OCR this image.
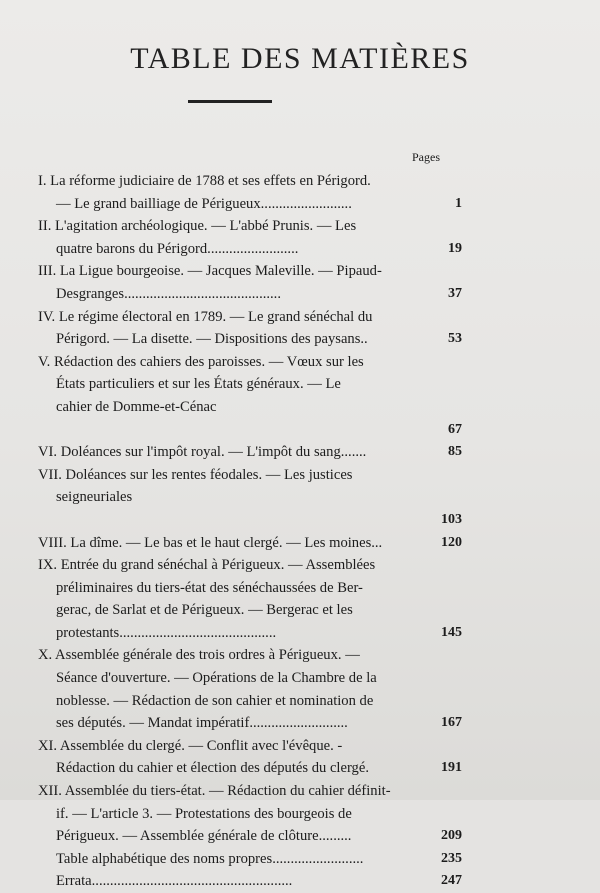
TABLE DES MATIÈRES
Pages
I. La réforme judiciaire de 1788 et ses effets en Périgord.
— Le grand bailliage de Périgueux.........................	1
II. L'agitation archéologique. — L'abbé Prunis. — Les
quatre barons du Périgord.........................	19
III. La Ligue bourgeoise. — Jacques Maleville. — Pipaud-
Desgranges...........................................	37
IV. Le régime électoral en 1789. — Le grand sénéchal du
Périgord. — La disette. — Dispositions des paysans..	53
V. Rédaction des cahiers des paroisses. — Vœux sur les
États particuliers et sur les États généraux. — Le
cahier de Domme-et-Cénac
67
VI. Doléances sur l'impôt royal. — L'impôt du sang.......	85
VII. Doléances sur les rentes féodales. — Les justices
seigneuriales
103
VIII. La dîme. — Le bas et le haut clergé. — Les moines...	120
IX. Entrée du grand sénéchal à Périgueux. — Assemblées
préliminaires du tiers-état des sénéchaussées de Ber-
gerac, de Sarlat et de Périgueux. — Bergerac et les
protestants...........................................	145
X. Assemblée générale des trois ordres à Périgueux. —
Séance d'ouverture. — Opérations de la Chambre de la
noblesse. — Rédaction de son cahier et nomination de
ses députés. — Mandat impératif...........................	167
XI. Assemblée du clergé. — Conflit avec l'évêque. -
Rédaction du cahier et élection des députés du clergé.	191
XII. Assemblée du tiers-état. — Rédaction du cahier définit-
if. — L'article 3. — Protestations des bourgeois de
Périgueux. — Assemblée générale de clôture.........	209
Table alphabétique des noms propres.........................	235
Errata.......................................................	247
